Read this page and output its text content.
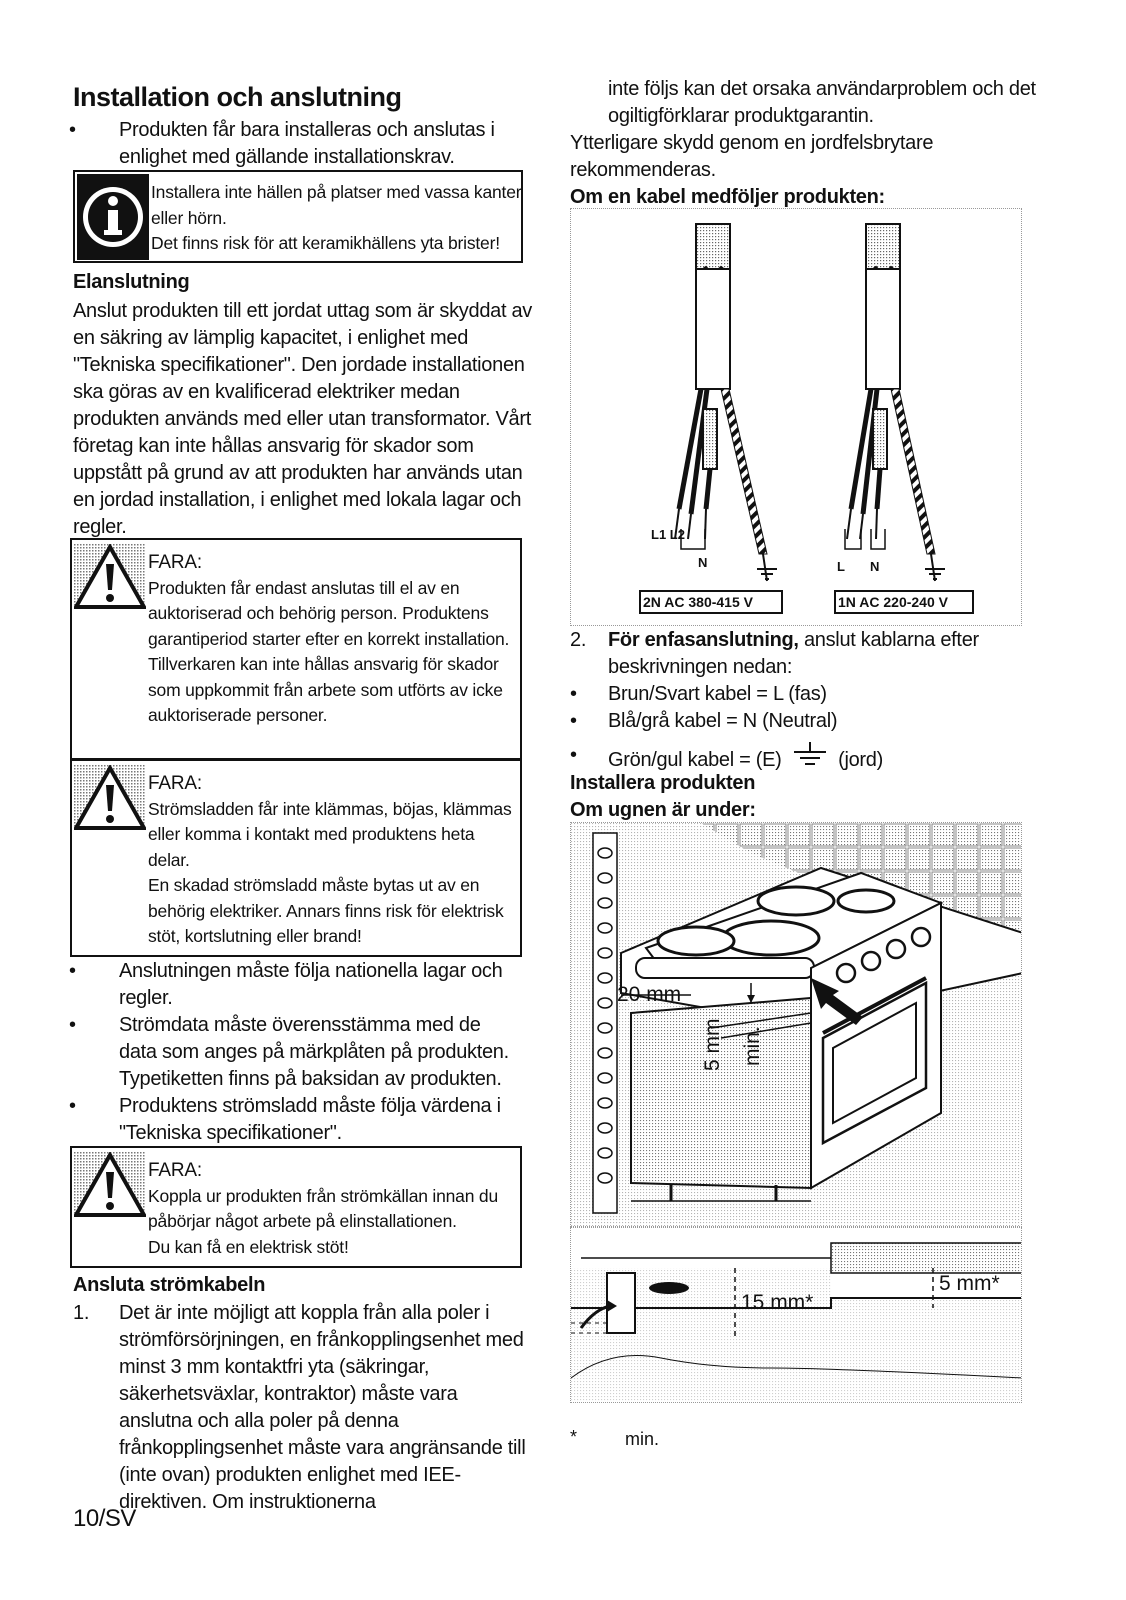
Installation och anslutning
•	Produkten får bara installeras och anslutas i enlighet med gällande installationskrav.

Installera inte hällen på platser med vassa kanter eller hörn.

Det finns risk för att keramikhällens yta brister!

Elanslutning

Anslut produkten till ett jordat uttag som är skyddat av en säkring av lämplig kapacitet, i enlighet med "Tekniska specifikationer". Den jordade installationen ska göras av en kvalificerad elektriker medan produkten används med eller utan transformator. Vårt företag kan inte hållas ansvarig för skador som uppstått på grund av att produkten har används utan en jordad installation, i enlighet med lokala lagar och regler.

FARA:

Produkten får endast anslutas till el av en auktoriserad och behörig person. Produktens garantiperiod starter efter en korrekt installation.

Tillverkaren kan inte hållas ansvarig för skador som uppkommit från arbete som utförts av icke auktoriserade personer.

FARA:

Strömsladden får inte klämmas, böjas, klämmas eller komma i kontakt med produktens heta delar.

En skadad strömsladd måste bytas ut av en behörig elektriker. Annars finns risk för elektrisk stöt, kortslutning eller brand!

•	Anslutningen måste följa nationella lagar och regler.

•	Strömdata måste överensstämma med de data som anges på märkplåten på produkten. Typetiketten finns på baksidan av produkten.

•	Produktens strömsladd måste följa värdena i "Tekniska specifikationer".

FARA:

Koppla ur produkten från strömkällan innan du påbörjar något arbete på elinstallationen.

Du kan få en elektrisk stöt!

Ansluta strömkabeln
1.	Det är inte möjligt att koppla från alla poler i strömförsörjningen, en frånkopplingsenhet med minst 3 mm kontaktfri yta (säkringar, säkerhetsväxlar, kontraktor) måste vara anslutna och alla poler på denna frånkopplingsenhet måste vara angränsande till (inte ovan) produkten enlighet med IEE-direktiven. Om instruktionerna

10/SV

inte följs kan det orsaka användarproblem och det ogiltigförklarar produktgarantin.

Ytterligare skydd genom en jordfelsbrytare rekommenderas.

Om en kabel medföljer produkten:
L1 L2
N	L N
2N AC 380-415 V	1N AC 220-240 V
2.	För enfasanslutning, anslut kablarna efter beskrivningen nedan:

•	Brun/Svart kabel = L (fas)

•	Blå/grå kabel = N (Neutral)

• Grön/gul kabel = (E)	(jord)
Installera produkten
Om ugnen är under:
20 mm
5 mm min.
15 mm*
5 mm*
*	min.
